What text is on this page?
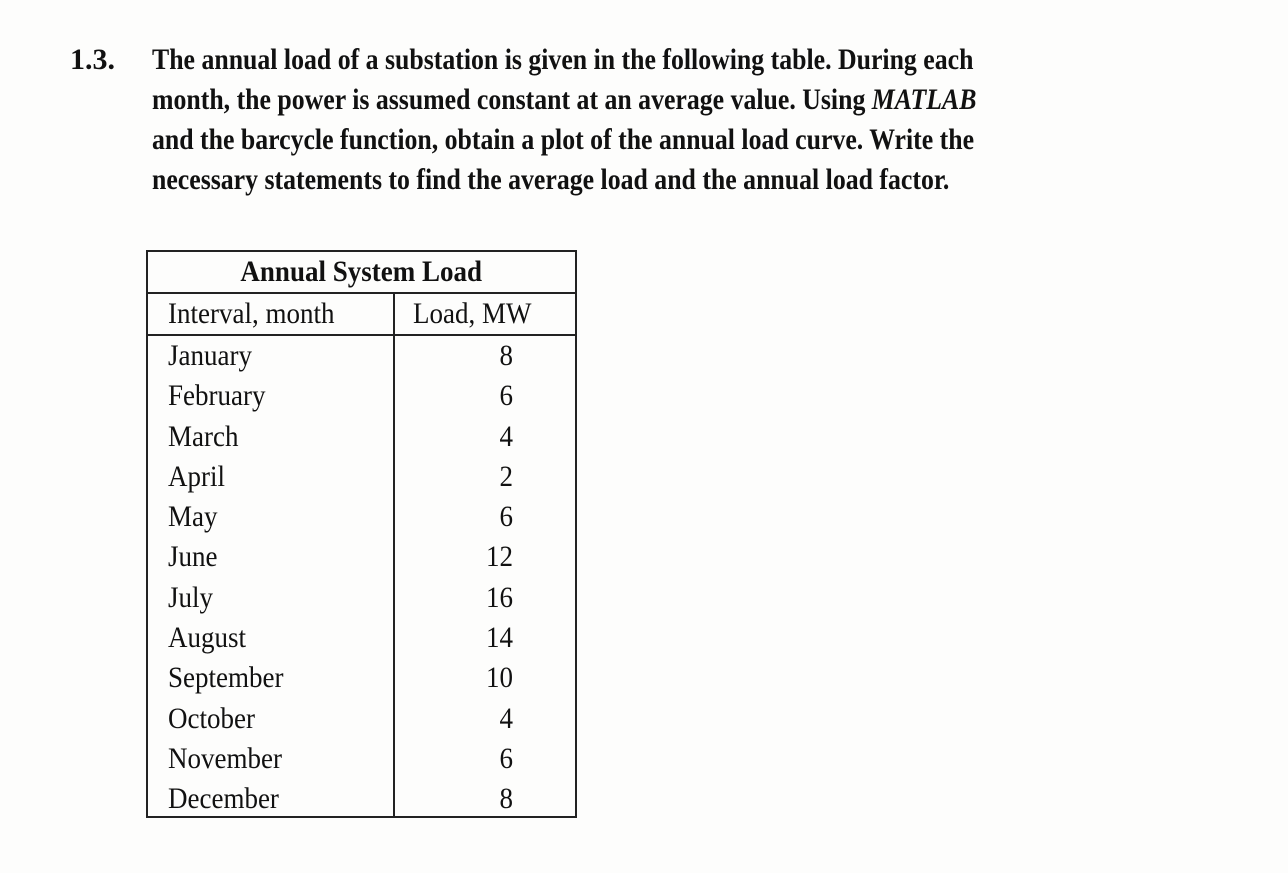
1.3. The annual load of a substation is given in the following table. During each
month, the power is assumed constant at an average value. Using MATLAB
and the barcycle function, obtain a plot of the annual load curve. Write the
necessary statements to find the average load and the annual load factor.
Annual System Load
Interval, month	Load, MW
January	8
February	6
March	4
April	2
May	6
June	12
July	16
August	14
September	10
October	4
November	6
December	8
